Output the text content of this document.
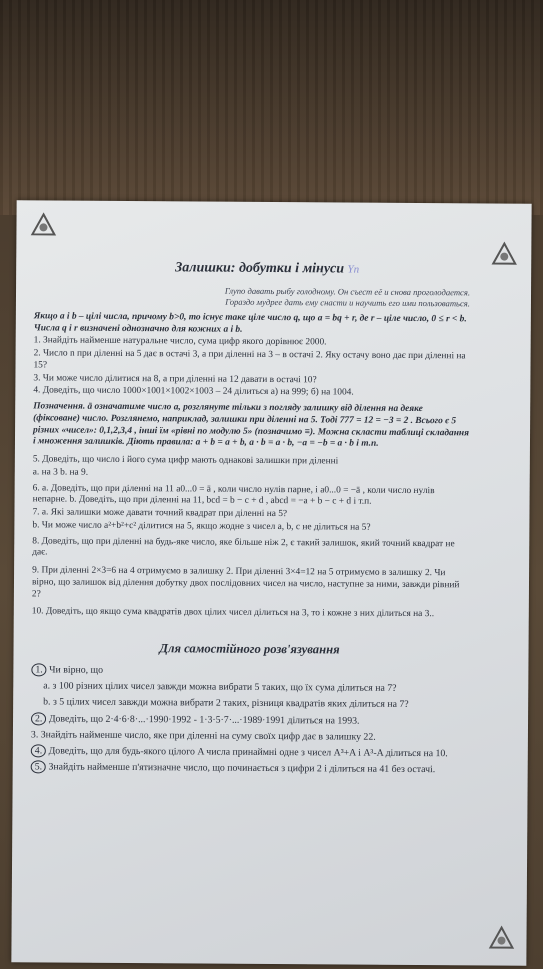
Залишки: добутки і мінуси Yn

Глупо давать рыбу голодному. Он съест её и снова проголодается.

Гораздо мудрее дать ему снасти и научить его ими пользоваться.

Якщо a і b – цілі числа, причому b>0, то існує таке ціле число q, що a = bq + r, де r – ціле число, 0 ≤ r < b. Числа q і r визначені однозначно для кожних a і b.

1. Знайдіть найменше натуральне число, сума цифр якого дорівнює 2000.

2. Число n при діленні на 5 дає в остачі 3, а при діленні на 3 – в остачі 2. Яку остачу воно дає при діленні на 15?

3. Чи може число ділитися на 8, а при діленні на 12 давати в остачі 10?

4. Доведіть, що число 1000×1001×1002×1003 – 24 ділиться а) на 999; б) на 1004.

Позначення. ā означатиме число a, розглянуте тільки з погляду залишку від ділення на деяке (фіксоване) число. Розглянемо, наприклад, залишки при діленні на 5. Тоді 777 = 12 = −3 = 2 . Всього є 5 різних «чисел»: 0,1,2,3,4 , інші їм «рівні по модулю 5» (позначимо ≡). Можна скласти таблиці складання і множення залишків. Діють правила: a + b = a + b, a · b = a · b, −a = −b = a · b і т.п.

5. Доведіть, що число і його сума цифр мають однакові залишки при діленні

а. на 3 b. на 9.

6. а. Доведіть, що при діленні на 11 a0...0 = ā , коли число нулів парне, і a0...0 = −ā , коли число нулів непарне. b. Доведіть, що при діленні на 11, bcd = b − c + d , abcd = −a + b − c + d і т.п.

7. а. Які залишки може давати точний квадрат при діленні на 5?

b. Чи може число a²+b²+c² ділитися на 5, якщо жодне з чисел a, b, c не ділиться на 5?

8. Доведіть, що при діленні на будь-яке число, яке більше ніж 2, є такий залишок, який точний квадрат не дає.

9. При діленні 2×3=6 на 4 отримуємо в залишку 2. При діленні 3×4=12 на 5 отримуємо в залишку 2. Чи вірно, що залишок від ділення добутку двох послідовних чисел на число, наступне за ними, завжди рівний 2?

10. Доведіть, що якщо сума квадратів двох цілих чисел ділиться на 3, то і кожне з них ділиться на 3..

Для самостійного розв'язування

1. Чи вірно, що

а. з 100 різних цілих чисел завжди можна вибрати 5 таких, що їх сума ділиться на 7?

b. з 5 цілих чисел завжди можна вибрати 2 таких, різниця квадратів яких ділиться на 7?

2. Доведіть, що 2·4·6·8·...·1990·1992 - 1·3·5·7·...·1989·1991 ділиться на 1993.

3. Знайдіть найменше число, яке при діленні на суму своїх цифр дає в залишку 22.

4. Доведіть, що для будь-якого цілого A числа принаймні одне з чисел A³+A і A³-A ділиться на 10.

5. Знайдіть найменше п'ятизначне число, що починається з цифри 2 і ділиться на 41 без остачі.
